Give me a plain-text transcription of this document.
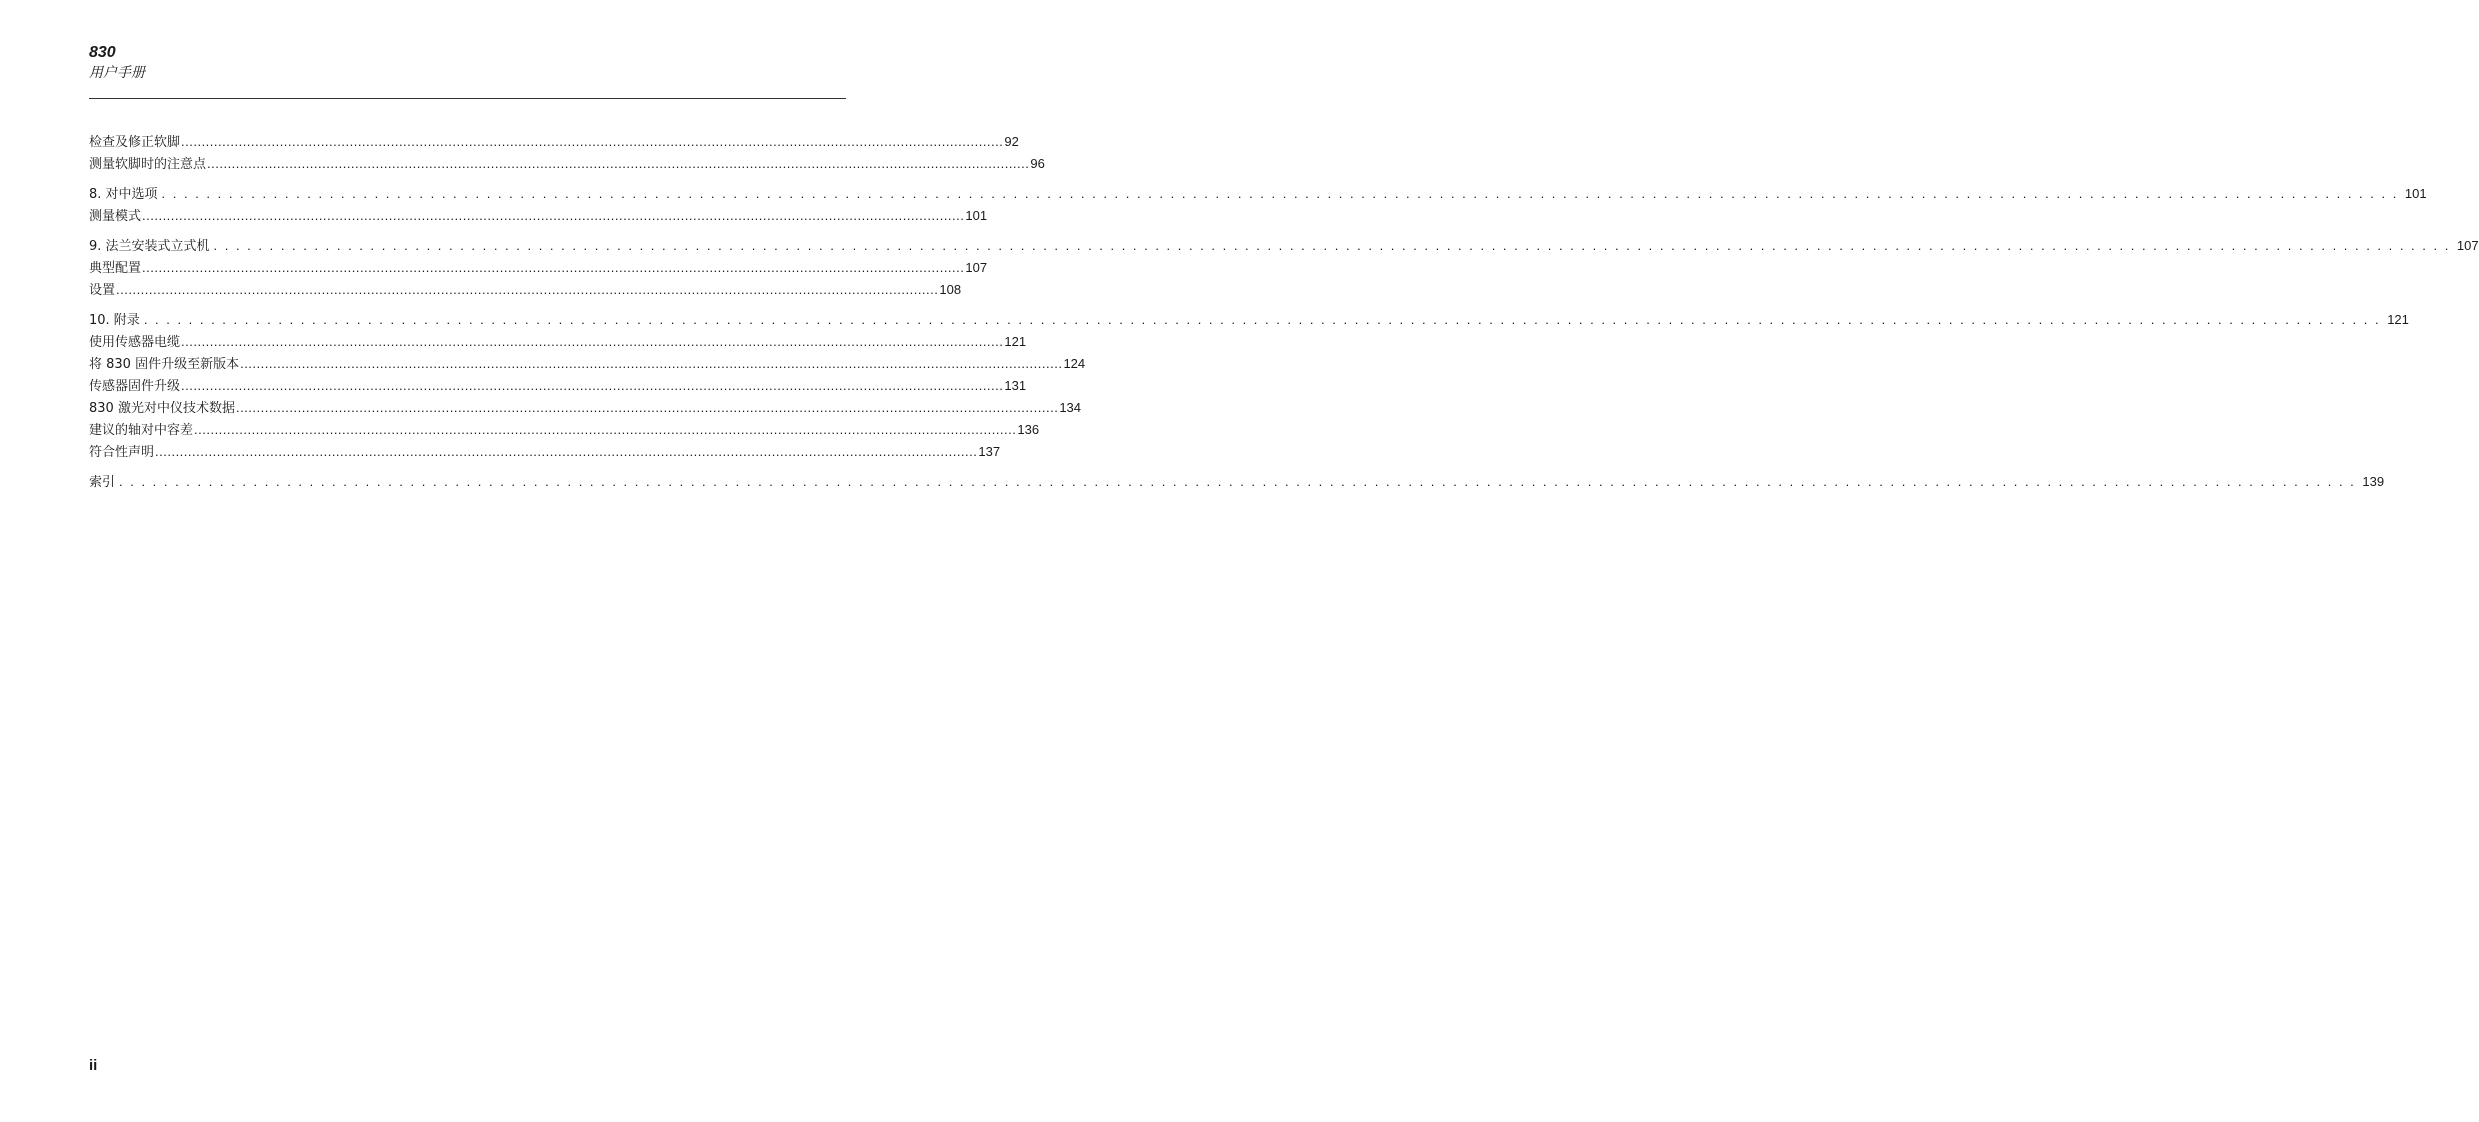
830
用户手册
检查及修正软脚 ........................................................................................................................................................................................................ 92
测量软脚时的注意点 ........................................................................................................................................................................................................ 96
8. 对中选项 ........................................................................................................................................................................................................ 101
测量模式 ........................................................................................................................................................................................................ 101
9. 法兰安装式立式机 ........................................................................................................................................................................................................ 107
典型配置 ........................................................................................................................................................................................................ 107
设置 ........................................................................................................................................................................................................ 108
10. 附录 ........................................................................................................................................................................................................ 121
使用传感器电缆 ........................................................................................................................................................................................................ 121
将 830 固件升级至新版本 ........................................................................................................................................................................................................ 124
传感器固件升级 ........................................................................................................................................................................................................ 131
830 激光对中仪技术数据 ........................................................................................................................................................................................................ 134
建议的轴对中容差 ........................................................................................................................................................................................................ 136
符合性声明 ........................................................................................................................................................................................................ 137
索引 ........................................................................................................................................................................................................ 139
ii
